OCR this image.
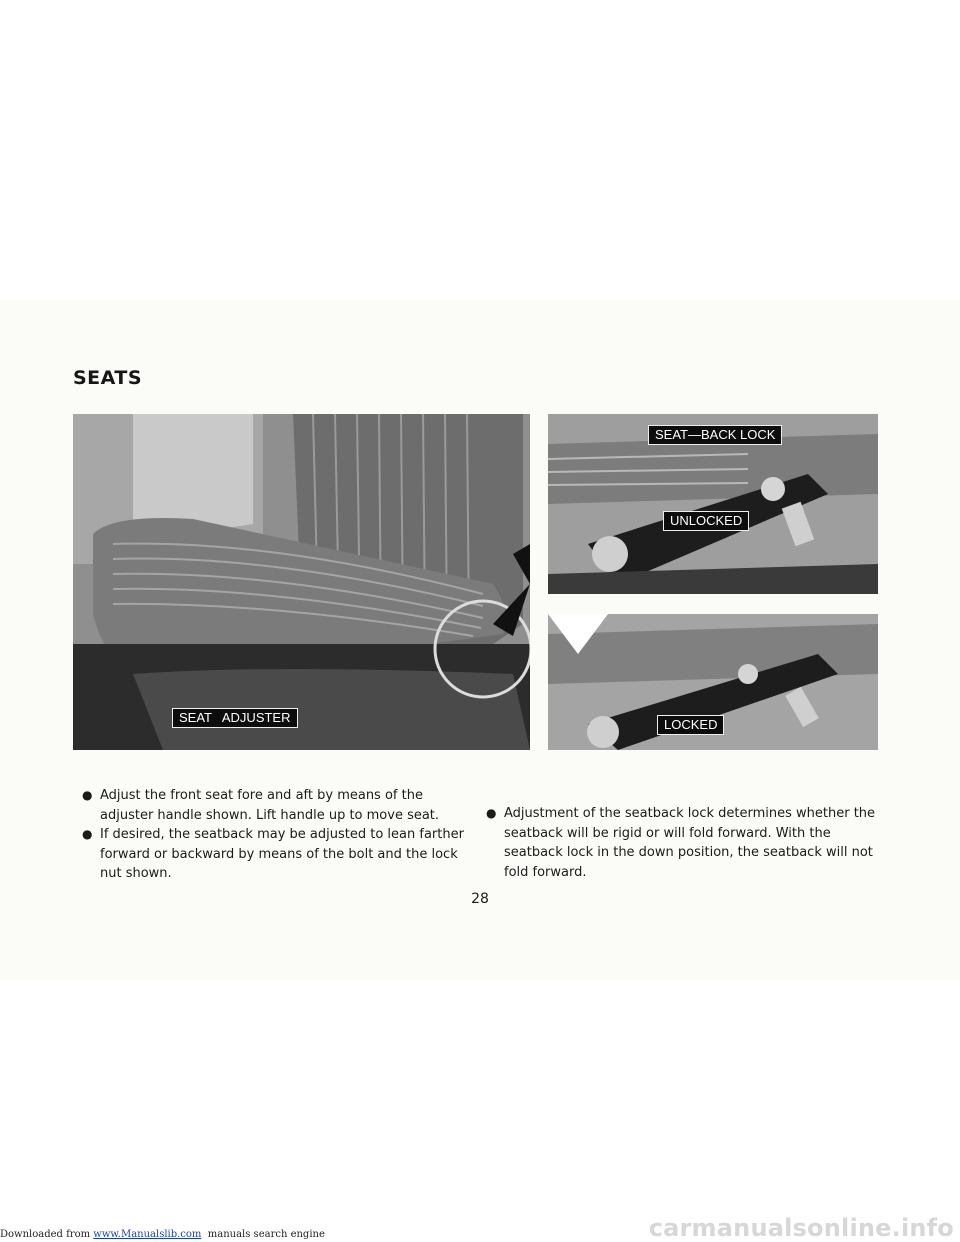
SEATS
SEAT   ADJUSTER
SEAT—BACK LOCK
UNLOCKED
LOCKED
● Adjust the front seat fore and aft by means of the adjuster handle shown. Lift handle up to move seat.
● If desired, the seatback may be adjusted to lean farther forward or backward by means of the bolt and the lock nut shown.
● Adjustment of the seatback lock determines whether the seatback will be rigid or will fold forward. With the seatback lock in the down position, the seatback will not fold forward.
28
Downloaded from www.Manualslib.com  manuals search engine	carmanualsonline.info
